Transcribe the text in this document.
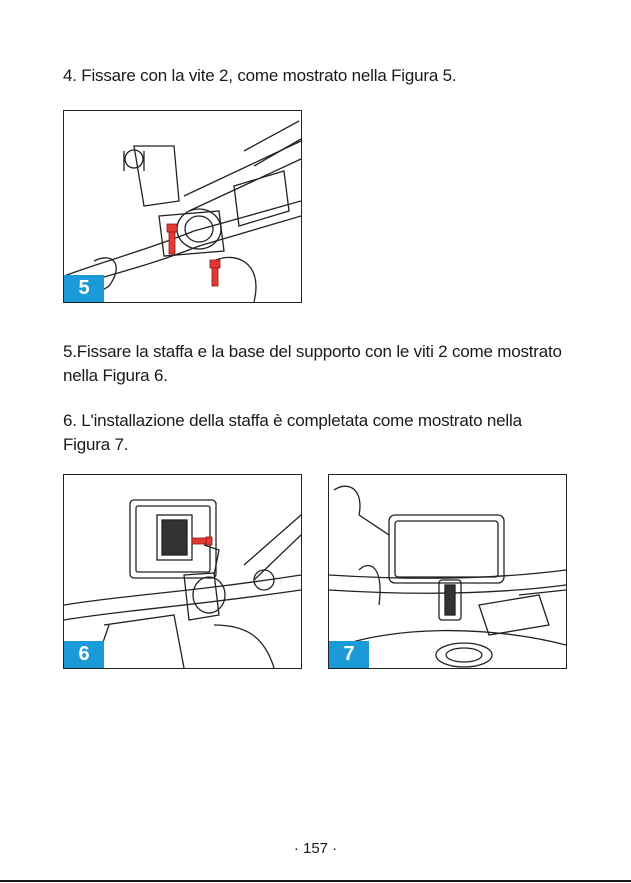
4. Fissare con la vite 2, come mostrato nella Figura 5.
5
5.Fissare la staffa e la base del supporto con le viti 2 come mostrato nella Figura 6.
6. L'installazione della staffa è completata come mostrato nella Figura 7.
6	7
· 157 ·
